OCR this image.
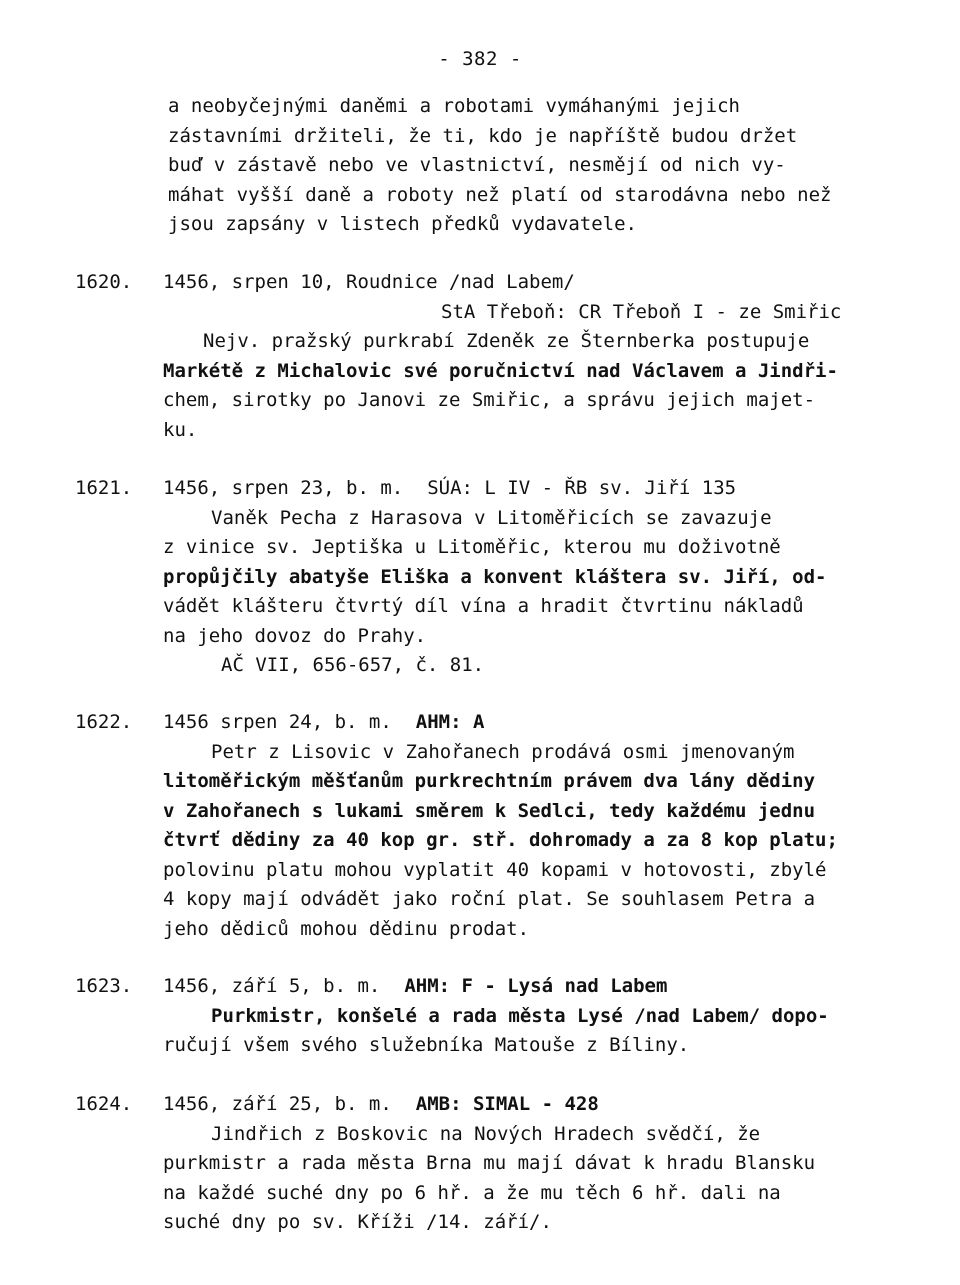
- 382 -
a neobyčejnými daněmi a robotami vymáhanými jejich
zástavními držiteli, že ti, kdo je napříště budou držet
buď v zástavě nebo ve vlastnictví, nesmějí od nich vy-
máhat vyšší daně a roboty než platí od starodávna nebo než
jsou zapsány v listech předků vydavatele.
1620.	1456, srpen 10, Roudnice /nad Labem/
StA Třeboň: CR Třeboň I - ze Smiřic
Nejv. pražský purkrabí Zdeněk ze Šternberka postupuje
Markétě z Michalovic své poručnictví nad Václavem a Jindři-
chem, sirotky po Janovi ze Smiřic, a správu jejich majet-
ku.
1621.	1456, srpen 23, b. m. SÚA: L IV - ŘB sv. Jiří 135
Vaněk Pecha z Harasova v Litoměřicích se zavazuje
z vinice sv. Jeptiška u Litoměřic, kterou mu doživotně
propůjčily abatyše Eliška a konvent kláštera sv. Jiří, od-
vádět klášteru čtvrtý díl vína a hradit čtvrtinu nákladů
na jeho dovoz do Prahy.
AČ VII, 656-657, č. 81.
1622.	1456 srpen 24, b. m. AHM: A
Petr z Lisovic v Zahořanech prodává osmi jmenovaným
litoměřickým měšťanům purkrechtním právem dva lány dědiny
v Zahořanech s lukami směrem k Sedlci, tedy každému jednu
čtvrť dědiny za 40 kop gr. stř. dohromady a za 8 kop platu;
polovinu platu mohou vyplatit 40 kopami v hotovosti, zbylé
4 kopy mají odvádět jako roční plat. Se souhlasem Petra a
jeho dědiců mohou dědinu prodat.
1623.	1456, září 5, b. m. AHM: F - Lysá nad Labem
Purkmistr, konšelé a rada města Lysé /nad Labem/ dopo-
ručují všem svého služebníka Matouše z Bíliny.
1624.	1456, září 25, b. m. AMB: SIMAL - 428
Jindřich z Boskovic na Nových Hradech svědčí, že
purkmistr a rada města Brna mu mají dávat k hradu Blansku
na každé suché dny po 6 hř. a že mu těch 6 hř. dali na
suché dny po sv. Kříži /14. září/.
